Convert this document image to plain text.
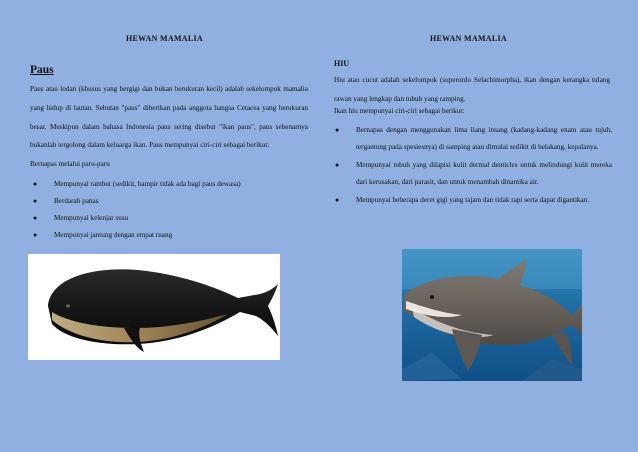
HEWAN MAMALIA
Paus
Paus atau lodan (khusus yang bergigi dan bukan berukuran kecil) adalah sekelompok mamalia yang hidup di lautan. Sebutan "paus" diberikan pada anggota bangsa Cetacea yang berukuran besar. Meskipun dalam bahasa Indonesia paus sering disebut "ikan paus", paus sebenarnya bukanlah tergolong dalam keluarga ikan. Paus mempunyai ciri-ciri sebagai berikut:
Bernapas melalui paru-paru
● Mempunyai rambut (sedikit, hampir tidak ada bagi paus dewasa)
● Berdarah panas
● Mempunyai kelenjar susu
● Mempunyai jantung dengan empat ruang
HEWAN MAMALIA
HIU
Hiu atau cucut adalah sekelompok (superordo Selachimorpha), ikan dengan kerangka tulang rawan yang lengkap dan tubuh yang ramping.
Ikan hiu mempunyai ciri-ciri sebagai berikut:
● Bernapas dengan menggunakan lima liang insang (kadang-kadang enam atau tujuh, tergantung pada spesiesnya) di samping atau dimulai sedikit di belakang, kepalanya.
● Mempunyai tubuh yang dilapisi kulit dermal denticles untuk melindungi kulit mereka dari kerusakan, dari parasit, dan untuk menambah dinamika air.
● Mempunyai beberapa deret gigi yang tajam dan tidak rapi serta dapat digantikan.
